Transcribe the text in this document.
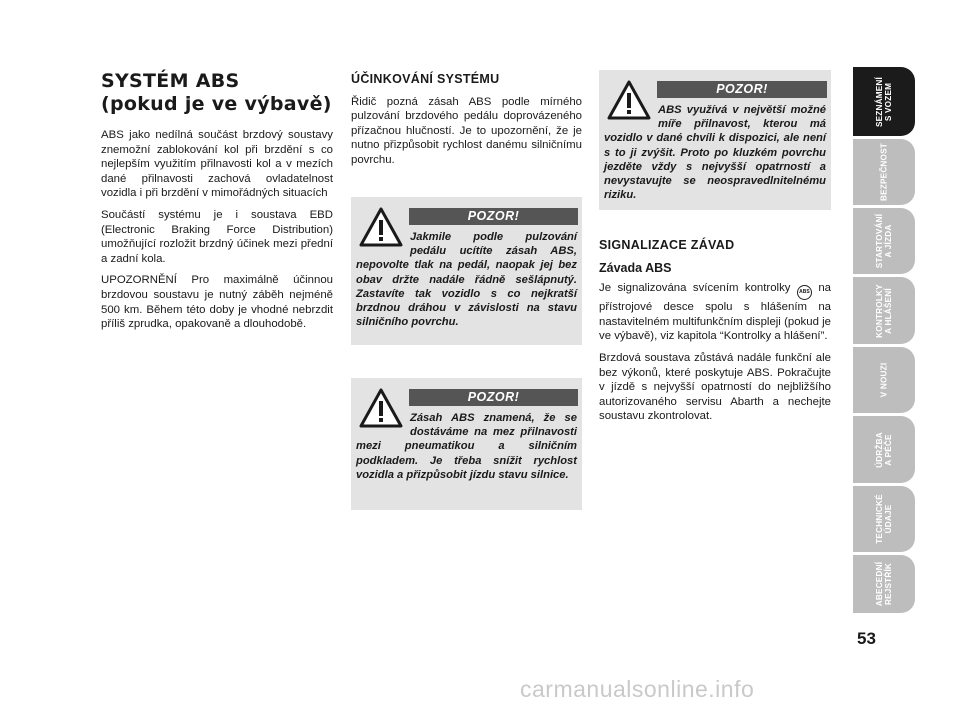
SYSTÉM ABS
(pokud je ve výbavě)

ABS jako nedílná součást brzdový soustavy znemožní zablokování kol při brzdění s co nejlepším využitím přilnavosti kol a v mezích dané přilnavosti zachová ovladatelnost vozidla i při brzdění v mimořádných situacích

Součástí systému je i soustava EBD (Electronic Braking Force Distribution) umožňující rozložit brzdný účinek mezi přední a zadní kola.

UPOZORNĚNÍ Pro maximálně účinnou brzdovou soustavu je nutný záběh nejméně 500 km. Během této doby je vhodné nebrzdit příliš zprudka, opakovaně a dlouhodobě.

ÚČINKOVÁNÍ SYSTÉMU

Řidič pozná zásah ABS podle mírného pulzování brzdového pedálu doprovázeného přízačnou hlučností. Je to upozornění, že je nutno přizpůsobit rychlost danému silničnímu povrchu.

POZOR!
Jakmile podle pulzování pedálu ucítíte zásah ABS, nepovolte tlak na pedál, naopak jej bez obav držte nadále řádně sešlápnutý. Zastavíte tak vozidlo s co nejkratší brzdnou dráhou v závislosti na stavu silničního povrchu.
POZOR!
Zásah ABS znamená, že se dostáváme na mez přilnavosti mezi pneumatikou a silničním podkladem. Je třeba snížit rychlost vozidla a přizpůsobit jízdu stavu silnice.
POZOR!
ABS využívá v největší možné míře přilnavost, kterou má vozidlo v dané chvíli k dispozici, ale není s to ji zvýšit. Proto po kluzkém povrchu jezděte vždy s nejvyšší opatrností a nevystavujte se neospravedlnitelnému riziku.
SIGNALIZACE ZÁVAD
Závada ABS

Je signalizována svícením kontrolky ABS na přístrojové desce spolu s hlášením na nastavitelném multifunkčním displeji (pokud je ve výbavě), viz kapitola “Kontrolky a hlášení”.

Brzdová soustava zůstává nadále funkční ale bez výkonů, které poskytuje ABS. Pokračujte v jízdě s nejvyšší opatrností do nejbližšího autorizovaného servisu Abarth a nechejte soustavu zkontrolovat.

SEZNÁMENÍ
S VOZEM
BEZPEČNOST
STARTOVÁNÍ
A JÍZDA
KONTROLKY
A HLÁŠENÍ
V NOUZI
ÚDRŽBA
A PÉČE
TECHNICKÉ
ÚDAJE
ABECEDNÍ
REJSTŘÍK
53
carmanualsonline.info
